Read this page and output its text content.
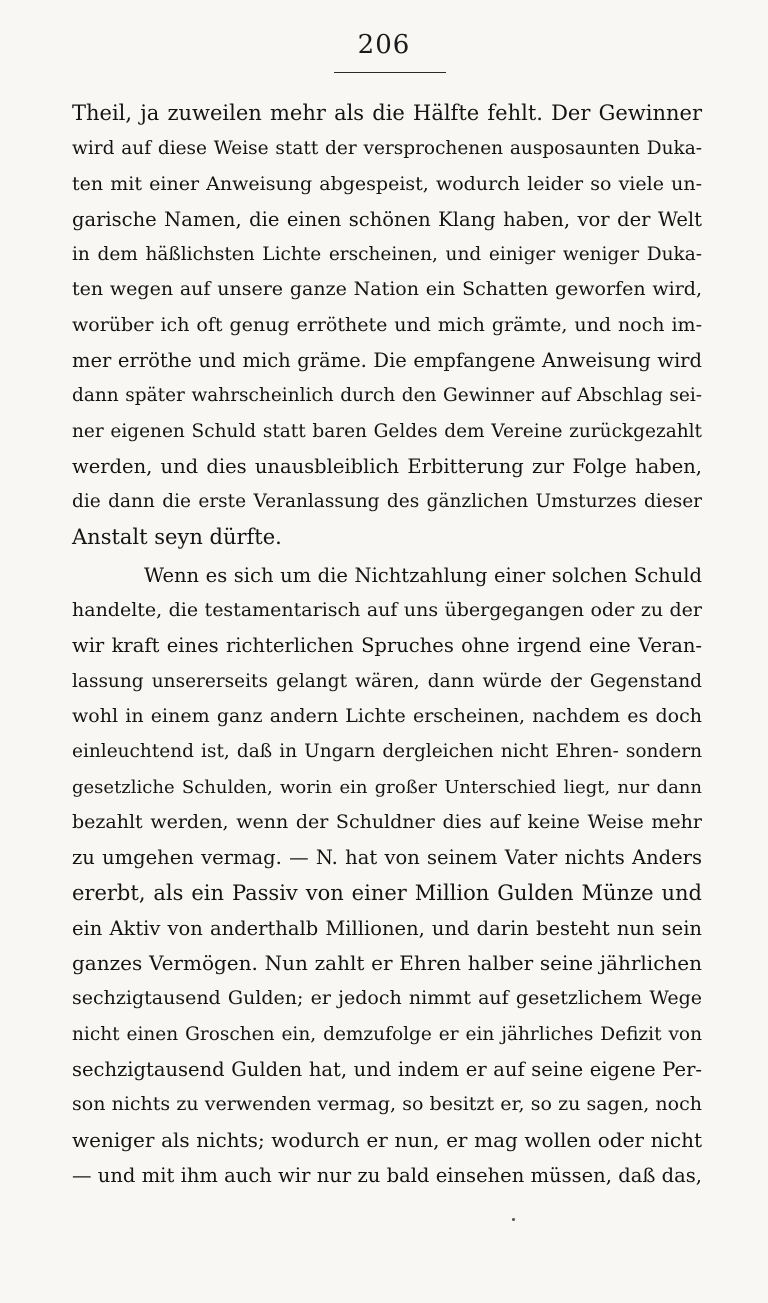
206
Theil, ja zuweilen mehr als die Hälfte fehlt. Der Gewinner
wird auf diese Weise statt der versprochenen ausposaunten Duka-
ten mit einer Anweisung abgespeist, wodurch leider so viele un-
garische Namen, die einen schönen Klang haben, vor der Welt
in dem häßlichsten Lichte erscheinen, und einiger weniger Duka-
ten wegen auf unsere ganze Nation ein Schatten geworfen wird,
worüber ich oft genug erröthete und mich grämte, und noch im-
mer erröthe und mich gräme. Die empfangene Anweisung wird
dann später wahrscheinlich durch den Gewinner auf Abschlag sei-
ner eigenen Schuld statt baren Geldes dem Vereine zurückgezahlt
werden, und dies unausbleiblich Erbitterung zur Folge haben,
die dann die erste Veranlassung des gänzlichen Umsturzes dieser
Anstalt seyn dürfte.
Wenn es sich um die Nichtzahlung einer solchen Schuld
handelte, die testamentarisch auf uns übergegangen oder zu der
wir kraft eines richterlichen Spruches ohne irgend eine Veran-
lassung unsererseits gelangt wären, dann würde der Gegenstand
wohl in einem ganz andern Lichte erscheinen, nachdem es doch
einleuchtend ist, daß in Ungarn dergleichen nicht Ehren- sondern
gesetzliche Schulden, worin ein großer Unterschied liegt, nur dann
bezahlt werden, wenn der Schuldner dies auf keine Weise mehr
zu umgehen vermag. — N. hat von seinem Vater nichts Anders
ererbt, als ein Passiv von einer Million Gulden Münze und
ein Aktiv von anderthalb Millionen, und darin besteht nun sein
ganzes Vermögen. Nun zahlt er Ehren halber seine jährlichen
sechzigtausend Gulden; er jedoch nimmt auf gesetzlichem Wege
nicht einen Groschen ein, demzufolge er ein jährliches Defizit von
sechzigtausend Gulden hat, und indem er auf seine eigene Per-
son nichts zu verwenden vermag, so besitzt er, so zu sagen, noch
weniger als nichts; wodurch er nun, er mag wollen oder nicht
— und mit ihm auch wir nur zu bald einsehen müssen, daß das,
